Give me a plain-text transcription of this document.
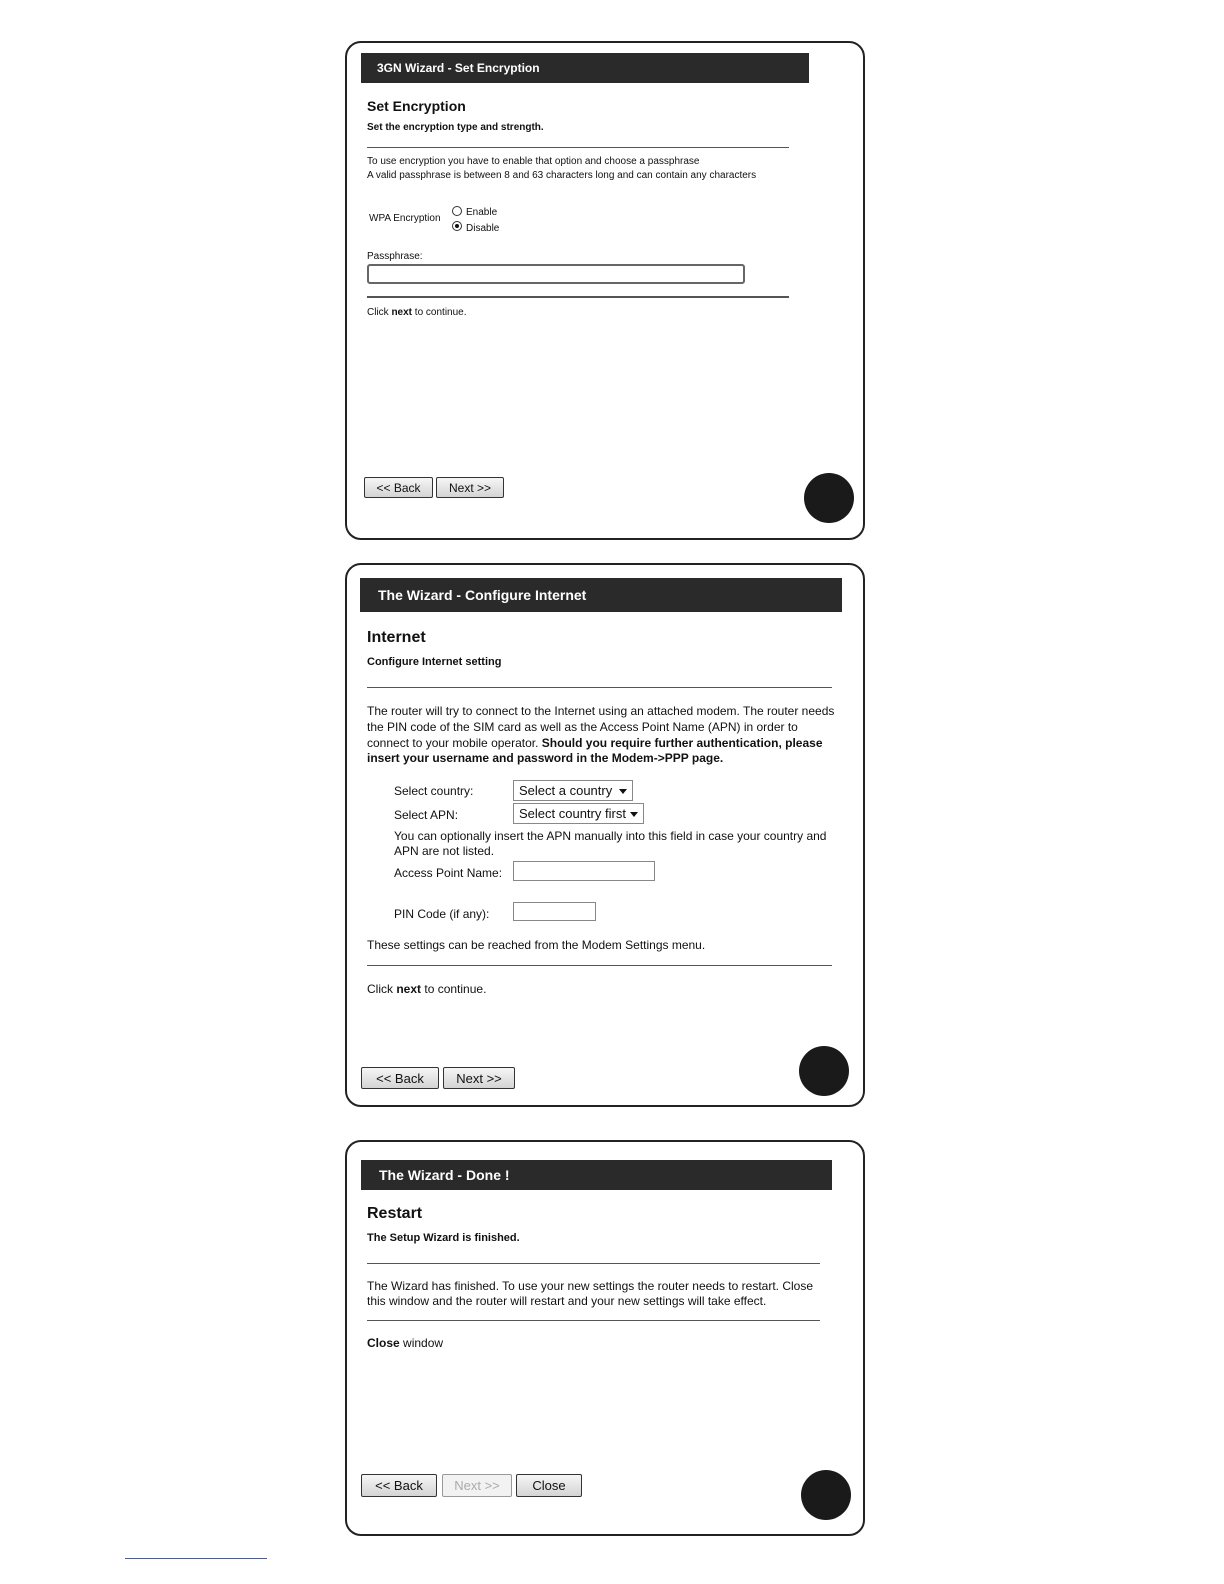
3GN Wizard - Set Encryption
Set Encryption
Set the encryption type and strength.
To use encryption you have to enable that option and choose a passphrase
A valid passphrase is between 8 and 63 characters long and can contain any characters
WPA Encryption
Enable
Disable
Passphrase:
Click next to continue.
<< Back	Next >>
The Wizard - Configure Internet
Internet
Configure Internet setting
The router will try to connect to the Internet using an attached modem. The router needs
the PIN code of the SIM card as well as the Access Point Name (APN) in order to
connect to your mobile operator. Should you require further authentication, please
insert your username and password in the Modem->PPP page.
Select country:	Select a country
Select APN:	Select country first
You can optionally insert the APN manually into this field in case your country and
APN are not listed.
Access Point Name:
PIN Code (if any):
These settings can be reached from the Modem Settings menu.
Click next to continue.
<< Back	Next >>
The Wizard - Done !
Restart
The Setup Wizard is finished.
The Wizard has finished. To use your new settings the router needs to restart. Close
this window and the router will restart and your new settings will take effect.
Close window
<< Back	Next >>	Close
